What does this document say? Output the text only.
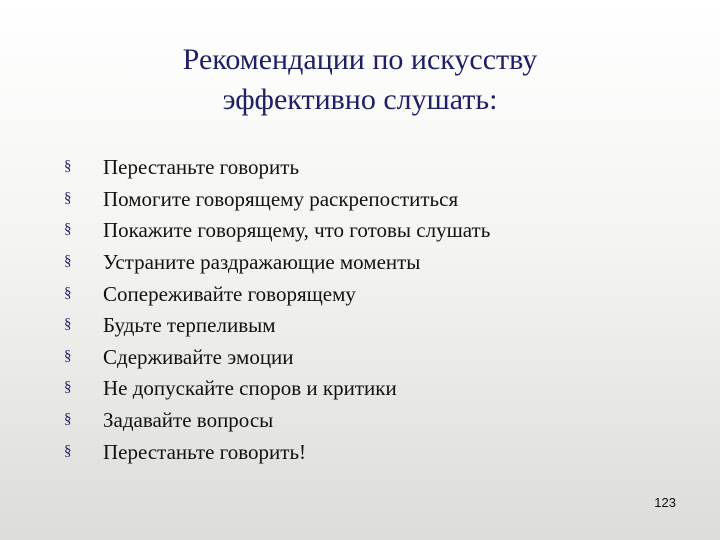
Рекомендации по искусству
эффективно слушать:
§	Перестаньте говорить
§	Помогите говорящему раскрепоститься
§	Покажите говорящему, что готовы слушать
§	Устраните раздражающие моменты
§	Сопереживайте говорящему
§	Будьте терпеливым
§	Сдерживайте эмоции
§	Не допускайте споров и критики
§	Задавайте вопросы
§	Перестаньте говорить!
123
